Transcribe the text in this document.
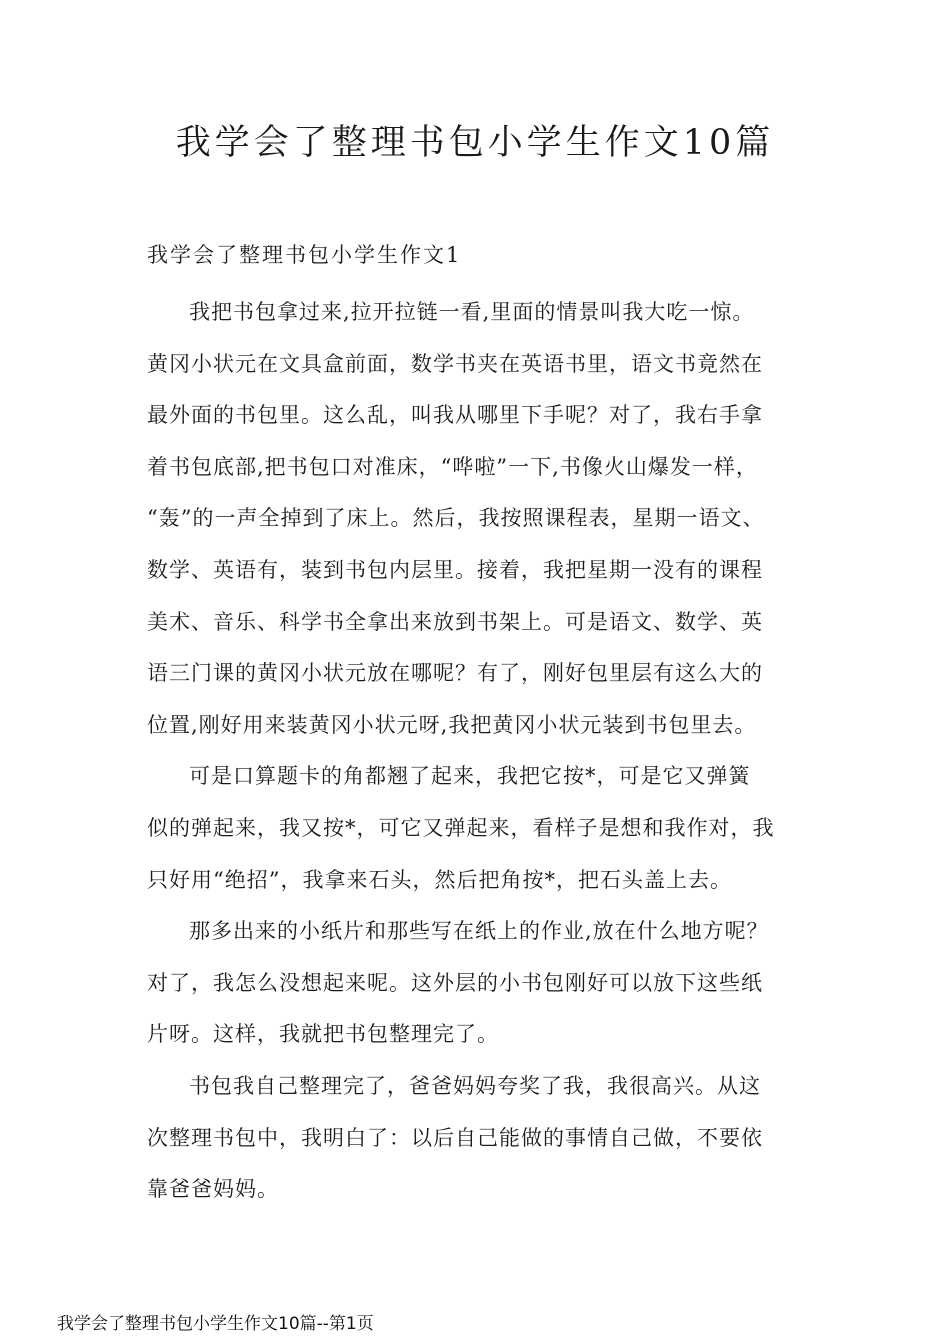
我学会了整理书包小学生作文10篇
我学会了整理书包小学生作文1

我把书包拿过来,拉开拉链一看,里面的情景叫我大吃一惊。
黄冈小状元在文具盒前面，数学书夹在英语书里，语文书竟然在
最外面的书包里。这么乱，叫我从哪里下手呢？对了，我右手拿
着书包底部,把书包口对准床，“哗啦”一下,书像火山爆发一样，
“轰”的一声全掉到了床上。然后，我按照课程表，星期一语文、
数学、英语有，装到书包内层里。接着，我把星期一没有的课程
美术、音乐、科学书全拿出来放到书架上。可是语文、数学、英
语三门课的黄冈小状元放在哪呢？有了，刚好包里层有这么大的
位置,刚好用来装黄冈小状元呀,我把黄冈小状元装到书包里去。

可是口算题卡的角都翘了起来，我把它按*，可是它又弹簧
似的弹起来，我又按*，可它又弹起来，看样子是想和我作对，我
只好用“绝招”，我拿来石头，然后把角按*，把石头盖上去。

那多出来的小纸片和那些写在纸上的作业,放在什么地方呢？
对了，我怎么没想起来呢。这外层的小书包刚好可以放下这些纸
片呀。这样，我就把书包整理完了。

书包我自己整理完了，爸爸妈妈夸奖了我，我很高兴。从这
次整理书包中，我明白了：以后自己能做的事情自己做，不要依
靠爸爸妈妈。

我学会了整理书包小学生作文10篇--第1页
